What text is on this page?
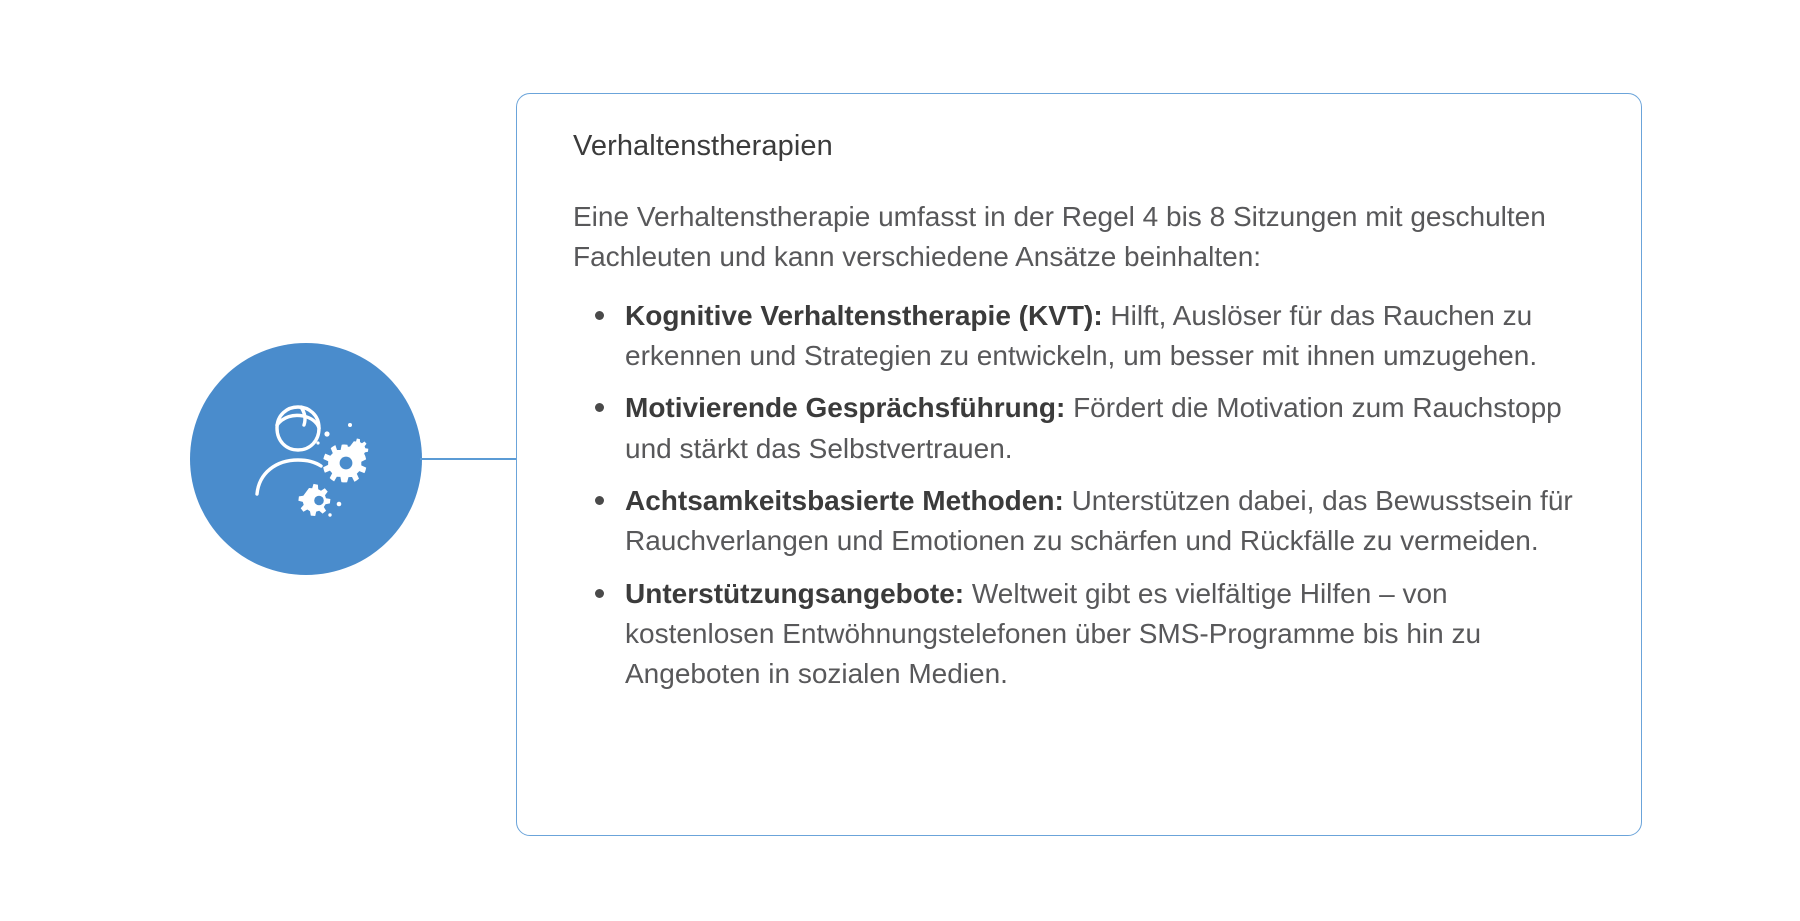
Verhaltenstherapien

Eine Verhaltenstherapie umfasst in der Regel 4 bis 8 Sitzungen mit geschulten Fachleuten und kann verschiedene Ansätze beinhalten:

Kognitive Verhaltenstherapie (KVT): Hilft, Auslöser für das Rauchen zu erkennen und Strategien zu entwickeln, um besser mit ihnen umzugehen.
Motivierende Gesprächsführung: Fördert die Motivation zum Rauchstopp und stärkt das Selbstvertrauen.
Achtsamkeitsbasierte Methoden: Unterstützen dabei, das Bewusstsein für Rauchverlangen und Emotionen zu schärfen und Rückfälle zu vermeiden.
Unterstützungsangebote: Weltweit gibt es vielfältige Hilfen – von kostenlosen Entwöhnungstelefonen über SMS-Programme bis hin zu Angeboten in sozialen Medien.
